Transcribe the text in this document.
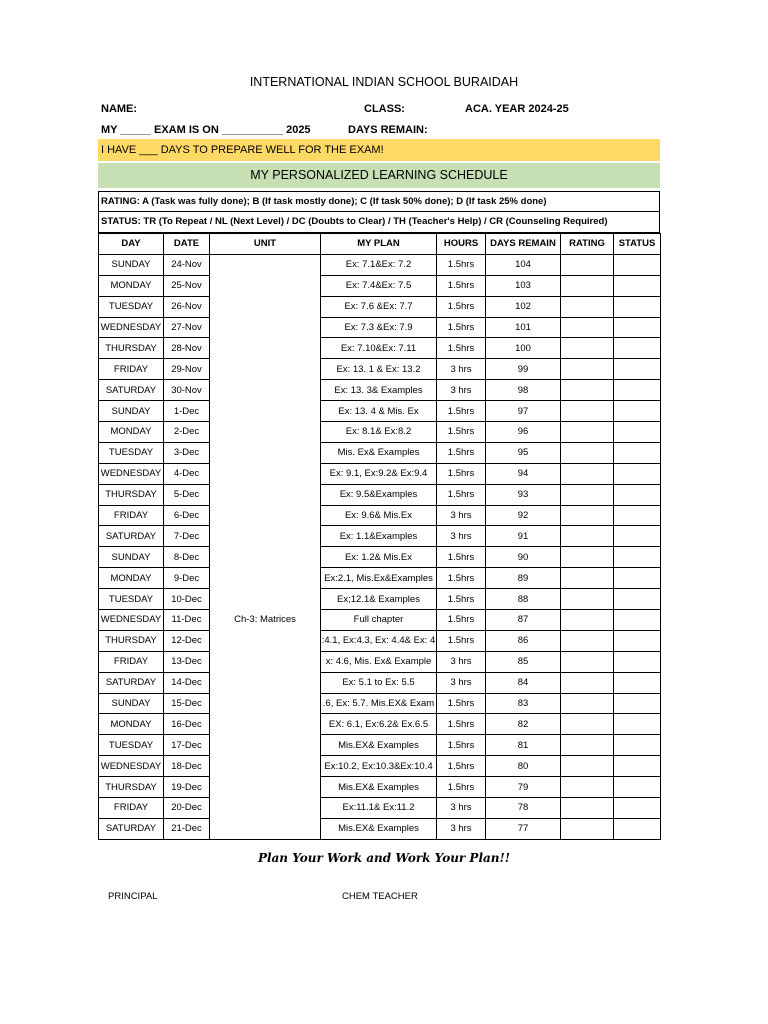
INTERNATIONAL INDIAN SCHOOL BURAIDAH
NAME:	CLASS:	ACA. YEAR 2024-25
MY _____ EXAM IS ON __________ 2025	DAYS REMAIN:
I HAVE ___ DAYS TO PREPARE WELL FOR THE EXAM!
MY PERSONALIZED LEARNING SCHEDULE
RATING: A (Task was fully done); B (If task mostly done); C (If task 50% done); D (If task 25% done)
STATUS: TR (To Repeat / NL (Next Level) / DC (Doubts to Clear) / TH (Teacher's Help) / CR (Counseling Required)
DAY	DATE	UNIT	MY PLAN	HOURS	DAYS REMAIN	RATING	STATUS
SUNDAY	24-Nov		Ex: 7.1&Ex: 7.2	1.5hrs	104		
MONDAY	25-Nov		Ex: 7.4&Ex: 7.5	1.5hrs	103		
TUESDAY	26-Nov		Ex: 7.6 &Ex: 7.7	1.5hrs	102		
WEDNESDAY	27-Nov		Ex: 7.3 &Ex: 7.9	1.5hrs	101		
THURSDAY	28-Nov		Ex: 7.10&Ex: 7.11	1.5hrs	100		
FRIDAY	29-Nov		Ex: 13. 1 & Ex: 13.2	3 hrs	99		
SATURDAY	30-Nov		Ex: 13. 3& Examples	3 hrs	98		
SUNDAY	1-Dec		Ex: 13. 4 & Mis. Ex	1.5hrs	97		
MONDAY	2-Dec		Ex: 8.1& Ex:8.2	1.5hrs	96		
TUESDAY	3-Dec		Mis. Ex& Examples	1.5hrs	95		
WEDNESDAY	4-Dec		Ex: 9.1, Ex:9.2& Ex:9.4	1.5hrs	94		
THURSDAY	5-Dec		Ex: 9.5&Examples	1.5hrs	93		
FRIDAY	6-Dec		Ex: 9.6& Mis.Ex	3 hrs	92		
SATURDAY	7-Dec		Ex: 1.1&Examples	3 hrs	91		
SUNDAY	8-Dec		Ex: 1.2& Mis.Ex	1.5hrs	90		
MONDAY	9-Dec		Ex:2.1, Mis.Ex&Examples	1.5hrs	89		
TUESDAY	10-Dec		Ex;12.1& Examples	1.5hrs	88		
WEDNESDAY	11-Dec	Ch-3: Matrices	Full chapter	1.5hrs	87		
THURSDAY	12-Dec		:4.1, Ex:4.3, Ex: 4.4& Ex: 4	1.5hrs	86		
FRIDAY	13-Dec		x: 4.6, Mis. Ex& Example	3 hrs	85		
SATURDAY	14-Dec		Ex: 5.1 to Ex: 5.5	3 hrs	84		
SUNDAY	15-Dec		.6, Ex: 5.7. Mis.EX& Exam	1.5hrs	83		
MONDAY	16-Dec		EX: 6.1, Ex:6.2& Ex.6.5	1.5hrs	82		
TUESDAY	17-Dec		Mis.EX& Examples	1.5hrs	81		
WEDNESDAY	18-Dec		Ex:10.2, Ex:10.3&Ex:10.4	1.5hrs	80		
THURSDAY	19-Dec		Mis.EX& Examples	1.5hrs	79		
FRIDAY	20-Dec		Ex:11.1& Ex:11.2	3 hrs	78		
SATURDAY	21-Dec		Mis.EX& Examples	3 hrs	77		
Plan Your Work and Work Your Plan!!
PRINCIPAL	CHEM TEACHER
